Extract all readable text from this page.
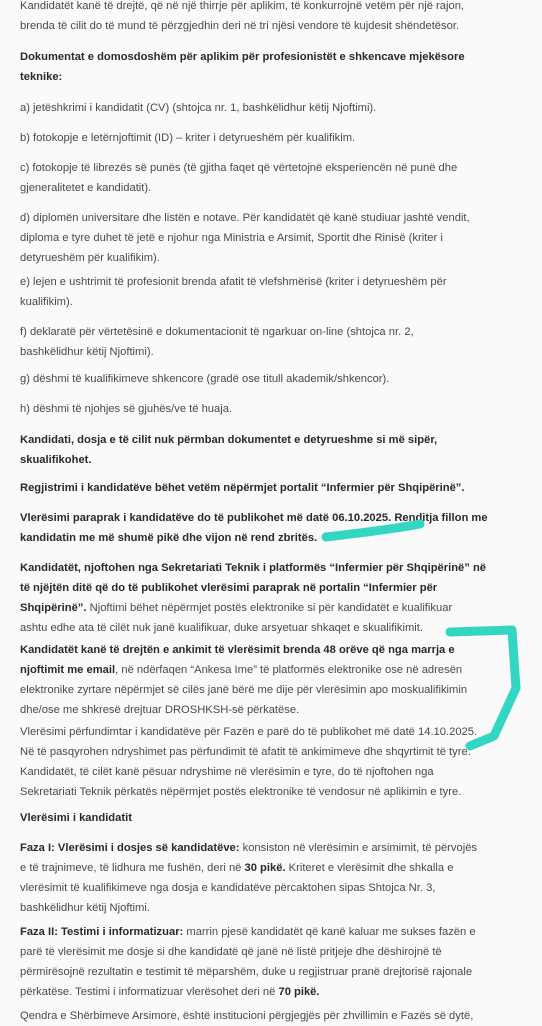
Kandidatët kanë të drejtë, që në një thirrje për aplikim, të konkurrojnë vetëm për një rajon,
brenda të cilit do të mund të përzgjedhin deri në tri njësi vendore të kujdesit shëndetësor.
Dokumentat e domosdoshëm për aplikim për profesionistët e shkencave mjekësore
teknike:
a) jetëshkrimi i kandidatit (CV) (shtojca nr. 1, bashkëlidhur këtij Njoftimi).
b) fotokopje e letërnjoftimit (ID) – kriter i detyrueshëm për kualifikim.
c) fotokopje të librezës së punës (të gjitha faqet që vërtetojnë eksperiencën në punë dhe
gjeneralitetet e kandidatit).
d) diplomën universitare dhe listën e notave. Për kandidatët që kanë studiuar jashtë vendit,
diploma e tyre duhet të jetë e njohur nga Ministria e Arsimit, Sportit dhe Rinisë (kriter i
detyrueshëm për kualifikim).
e) lejen e ushtrimit të profesionit brenda afatit të vlefshmërisë (kriter i detyrueshëm për
kualifikim).
f) deklaratë për vërtetësinë e dokumentacionit të ngarkuar on-line (shtojca nr. 2,
bashkëlidhur këtij Njoftimi).
g) dëshmi të kualifikimeve shkencore (gradë ose titull akademik/shkencor).
h) dëshmi të njohjes së gjuhës/ve të huaja.
Kandidati, dosja e të cilit nuk përmban dokumentet e detyrueshme si më sipër,
skualifikohet.
Regjistrimi i kandidatëve bëhet vetëm nëpërmjet portalit “Infermier për Shqipërinë”.
Vlerësimi paraprak i kandidatëve do të publikohet më datë 06.10.2025. Renditja fillon me
kandidatin me më shumë pikë dhe vijon në rend zbritës.
Kandidatët, njoftohen nga Sekretariati Teknik i platformës “Infermier për Shqipërinë” në
të njëjtën ditë që do të publikohet vlerësimi paraprak në portalin “Infermier për
Shqipërinë”. Njoftimi bëhet nëpërmjet postës elektronike si për kandidatët e kualifikuar
ashtu edhe ata të cilët nuk janë kualifikuar, duke arsyetuar shkaqet e skualifikimit.
Kandidatët kanë të drejtën e ankimit të vlerësimit brenda 48 orëve që nga marrja e
njoftimit me email, në ndërfaqen “Ankesa Ime” të platformës elektronike ose në adresën
elektronike zyrtare nëpërmjet së cilës janë bërë me dije për vlerësimin apo moskualifikimin
dhe/ose me shkresë drejtuar DROSHKSH-së përkatëse.
Vlerësimi përfundimtar i kandidatëve për Fazën e parë do të publikohet më datë 14.10.2025.
Në të pasqyrohen ndryshimet pas përfundimit të afatit të ankimimeve dhe shqyrtimit të tyre.
Kandidatët, të cilët kanë pësuar ndryshime në vlerësimin e tyre, do të njoftohen nga
Sekretariati Teknik përkatës nëpërmjet postës elektronike të vendosur në aplikimin e tyre.
Vlerësimi i kandidatit
Faza I: Vlerësimi i dosjes së kandidatëve: konsiston në vlerësimin e arsimimit, të përvojës
e të trajnimeve, të lidhura me fushën, deri në 30 pikë. Kriteret e vlerësimit dhe shkalla e
vlerësimit të kualifikimeve nga dosja e kandidatëve përcaktohen sipas Shtojca Nr. 3,
bashkëlidhur këtij Njoftimi.
Faza II: Testimi i informatizuar: marrin pjesë kandidatët që kanë kaluar me sukses fazën e
parë të vlerësimit me dosje si dhe kandidatë që janë në listë pritjeje dhe dëshirojnë të
përmirësojnë rezultatin e testimit të mëparshëm, duke u regjistruar pranë drejtorisë rajonale
përkatëse. Testimi i informatizuar vlerësohet deri në 70 pikë.
Qendra e Shërbimeve Arsimore, është institucioni përgjegjës për zhvillimin e Fazës së dytë,
